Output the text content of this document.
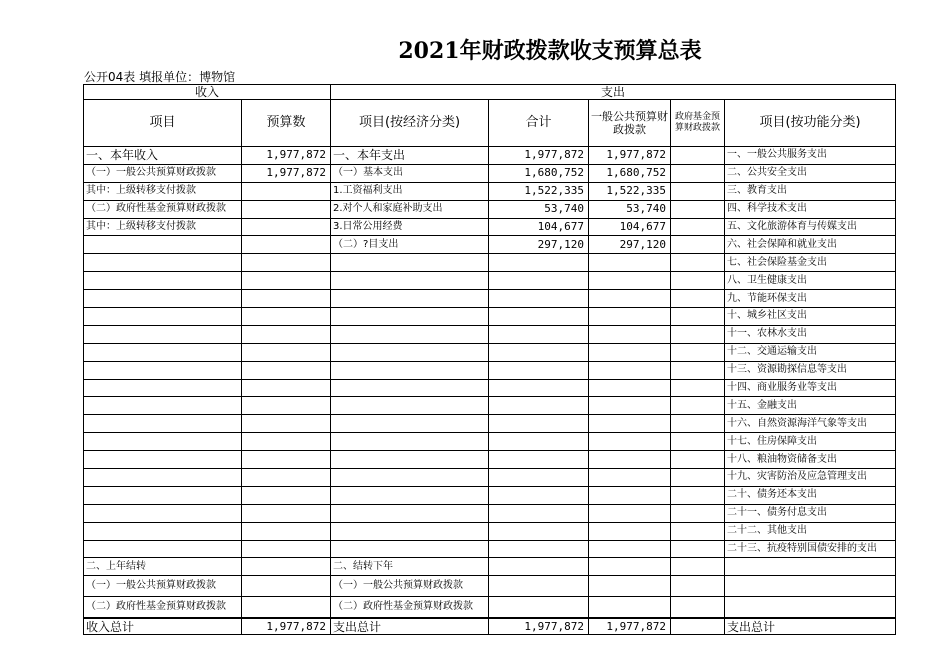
2021年财政拨款收支预算总表
公开04表 填报单位：博物馆
收入		支出				
项目	预算数	项目(按经济分类)	合计	一般公共预算财政拨款	政府基金预算财政拨款	项目(按功能分类)
一、本年收入	1,977,872	一、本年支出	1,977,872	1,977,872		一、一般公共服务支出
（一）一般公共预算财政拨款	1,977,872	（一）基本支出	1,680,752	1,680,752		二、公共安全支出
其中：上级转移支付拨款		1.工资福利支出	1,522,335	1,522,335		三、教育支出
（二）政府性基金预算财政拨款		2.对个人和家庭补助支出	53,740	53,740		四、科学技术支出
其中：上级转移支付拨款		3.日常公用经费	104,677	104,677		五、文化旅游体育与传媒支出
		（二）?目支出	297,120	297,120		六、社会保障和就业支出
						七、社会保险基金支出
						八、卫生健康支出
						九、节能环保支出
						十、城乡社区支出
						十一、农林水支出
						十二、交通运输支出
						十三、资源勘探信息等支出
						十四、商业服务业等支出
						十五、金融支出
						十六、自然资源海洋气象等支出
						十七、住房保障支出
						十八、粮油物资储备支出
						十九、灾害防治及应急管理支出
						二十、债务还本支出
						二十一、债务付息支出
						二十二、其他支出
						二十三、抗疫特别国债安排的支出
二、上年结转		二、结转下年				
（一）一般公共预算财政拨款		（一）一般公共预算财政拨款				
（二）政府性基金预算财政拨款		（二）政府性基金预算财政拨款				
收入总计	1,977,872	支出总计	1,977,872	1,977,872		支出总计
